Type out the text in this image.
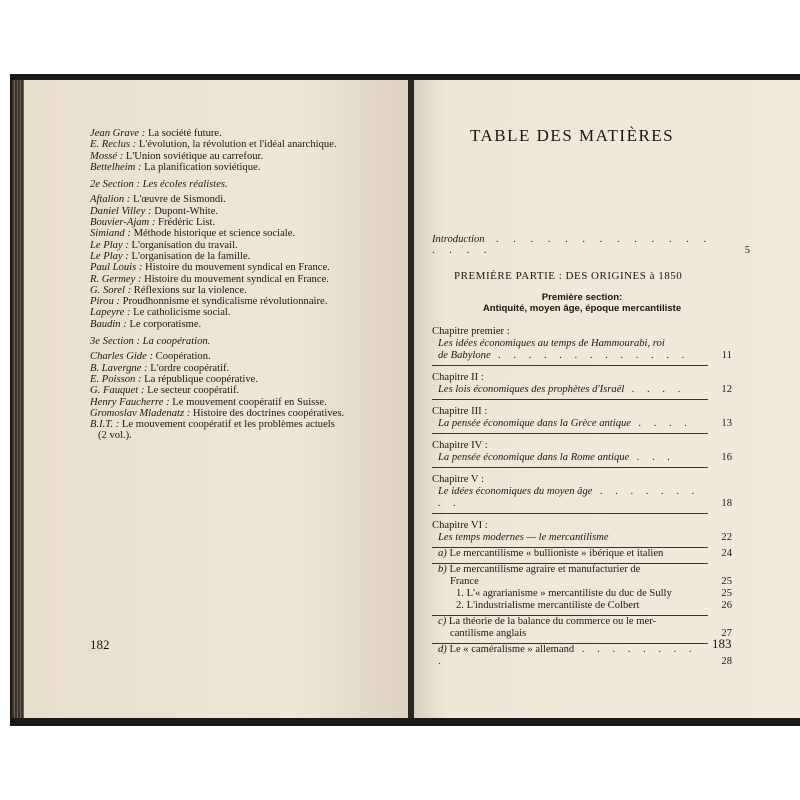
Jean Grave : La société future.
E. Reclus : L'évolution, la révolution et l'idéal anarchique.
Mossé : L'Union soviétique au carrefour.
Bettelheim : La planification soviétique.
2e Section : Les écoles réalistes.
Aftalion : L'œuvre de Sismondi.
Daniel Villey : Dupont-White.
Bouvier-Ajam : Frédéric List.
Simiand : Méthode historique et science sociale.
Le Play : L'organisation du travail.
Le Play : L'organisation de la famille.
Paul Louis : Histoire du mouvement syndical en France.
R. Germey : Histoire du mouvement syndical en France.
G. Sorel : Réflexions sur la violence.
Pirou : Proudhonnisme et syndicalisme révolutionnaire.
Lapeyre : Le catholicisme social.
Baudin : Le corporatisme.
3e Section : La coopération.
Charles Gide : Coopération.
B. Lavergne : L'ordre coopératif.
E. Poisson : La république coopérative.
G. Fauquet : Le secteur coopératif.
Henry Faucherre : Le mouvement coopératif en Suisse.
Gromoslav Mladenatz : Histoire des doctrines coopératives.
B.I.T. : Le mouvement coopératif et les problèmes actuels
(2 vol.).
182
TABLE DES MATIÈRES
Introduction  . . . . . . . . . . . . . . . . .	5
PREMIÈRE PARTIE : DES ORIGINES à 1850
Première section:
Antiquité, moyen âge, époque mercantiliste
Chapitre premier :
Les idées économiques au temps de Hammourabi, roi
de Babylone . . . . . . . . . . . . .	11
Chapitre II :
Les lois économiques des prophètes d'Israël . . . .	12
Chapitre III :
La pensée économique dans la Grèce antique . . . .	13
Chapitre IV :
La pensée économique dans la Rome antique . . .	16
Chapitre V :
Le idées économiques du moyen âge . . . . . . . . .	18
Chapitre VI :
Les temps modernes — le mercantilisme	22
a) Le mercantilisme « bullioniste » ibérique et italien	24
b) Le mercantilisme agraire et manufacturier de
France	25
1. L'« agrarianisme » mercantiliste du duc de Sully	25
2. L'industrialisme mercantiliste de Colbert	26
c) La théorie de la balance du commerce ou le mer-
cantilisme anglais	27
d) Le « caméralisme » allemand . . . . . . . . .	28
183
